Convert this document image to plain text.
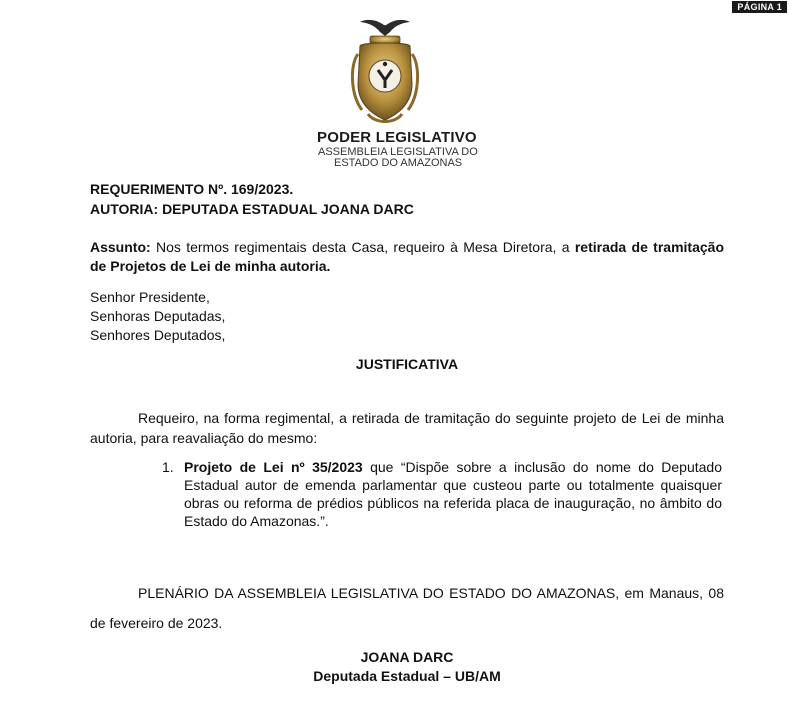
PÁGINA 1
PODER LEGISLATIVO
ASSEMBLEIA LEGISLATIVA DO
ESTADO DO AMAZONAS
REQUERIMENTO Nº. 169/2023.
AUTORIA: DEPUTADA ESTADUAL JOANA DARC
Assunto: Nos termos regimentais desta Casa, requeiro à Mesa Diretora, a retirada de tramitação de Projetos de Lei de minha autoria.
Senhor Presidente,
Senhoras Deputadas,
Senhores Deputados,
JUSTIFICATIVA
Requeiro, na forma regimental, a retirada de tramitação do seguinte projeto de Lei de minha autoria, para reavaliação do mesmo:
1. Projeto de Lei nº 35/2023 que “Dispõe sobre a inclusão do nome do Deputado Estadual autor de emenda parlamentar que custeou parte ou totalmente quaisquer obras ou reforma de prédios públicos na referida placa de inauguração, no âmbito do Estado do Amazonas.”.
PLENÁRIO DA ASSEMBLEIA LEGISLATIVA DO ESTADO DO AMAZONAS, em Manaus, 08 de fevereiro de 2023.
JOANA DARC
Deputada Estadual – UB/AM
